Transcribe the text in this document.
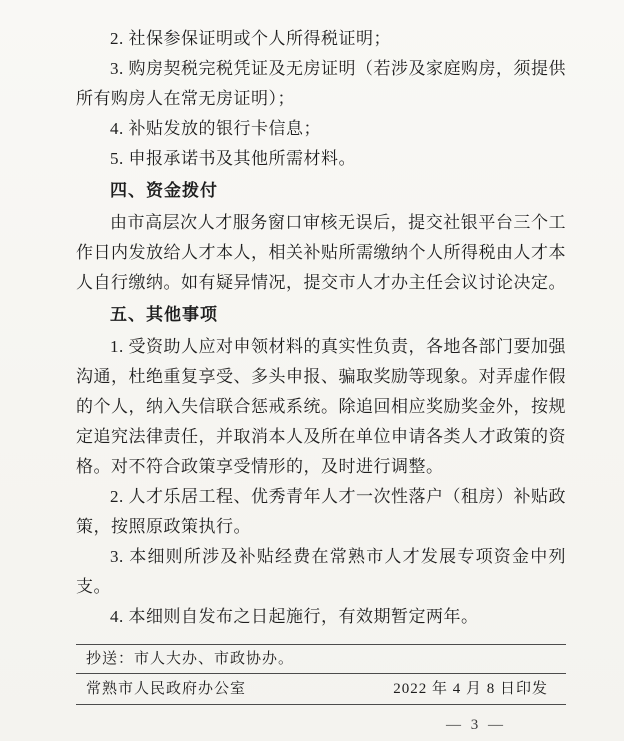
2. 社保参保证明或个人所得税证明；
3. 购房契税完税凭证及无房证明（若涉及家庭购房，须提供所有购房人在常无房证明）；
4. 补贴发放的银行卡信息；
5. 申报承诺书及其他所需材料。
四、资金拨付
由市高层次人才服务窗口审核无误后，提交社银平台三个工作日内发放给人才本人，相关补贴所需缴纳个人所得税由人才本人自行缴纳。如有疑异情况，提交市人才办主任会议讨论决定。
五、其他事项
1. 受资助人应对申领材料的真实性负责，各地各部门要加强沟通，杜绝重复享受、多头申报、骗取奖励等现象。对弄虚作假的个人，纳入失信联合惩戒系统。除追回相应奖励奖金外，按规定追究法律责任，并取消本人及所在单位申请各类人才政策的资格。对不符合政策享受情形的，及时进行调整。
2. 人才乐居工程、优秀青年人才一次性落户（租房）补贴政策，按照原政策执行。
3. 本细则所涉及补贴经费在常熟市人才发展专项资金中列支。
4. 本细则自发布之日起施行，有效期暂定两年。
抄送：市人大办、市政协办。
常熟市人民政府办公室	2022 年 4 月 8 日印发
— 3 —
